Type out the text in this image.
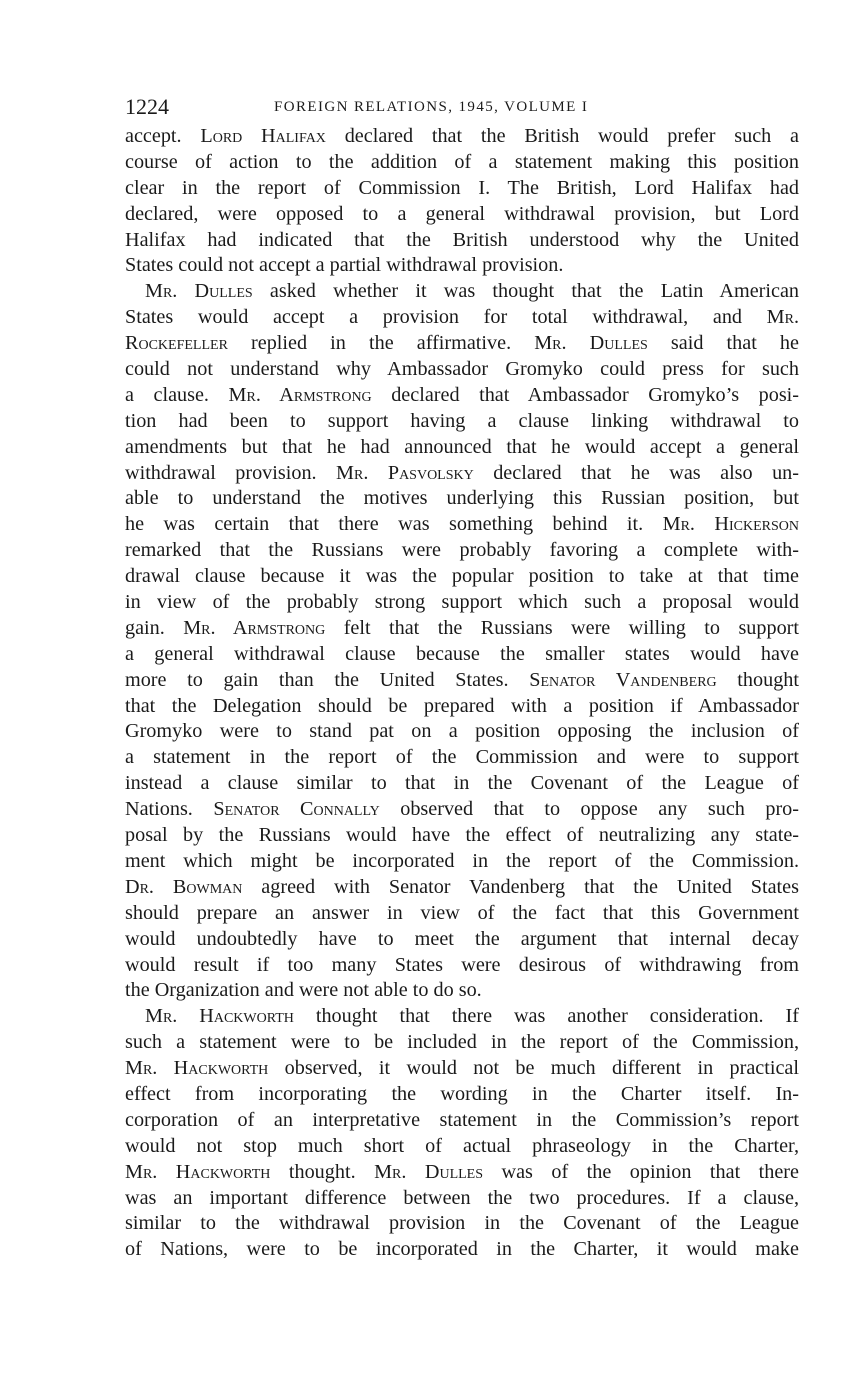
1224	FOREIGN RELATIONS, 1945, VOLUME I

accept. Lord Halifax declared that the British would prefer such a
course of action to the addition of a statement making this position
clear in the report of Commission I. The British, Lord Halifax had
declared, were opposed to a general withdrawal provision, but Lord
Halifax had indicated that the British understood why the United
States could not accept a partial withdrawal provision.

Mr. Dulles asked whether it was thought that the Latin American
States would accept a provision for total withdrawal, and Mr.
Rockefeller replied in the affirmative. Mr. Dulles said that he
could not understand why Ambassador Gromyko could press for such
a clause. Mr. Armstrong declared that Ambassador Gromyko’s posi-
tion had been to support having a clause linking withdrawal to
amendments but that he had announced that he would accept a general
withdrawal provision. Mr. Pasvolsky declared that he was also un-
able to understand the motives underlying this Russian position, but
he was certain that there was something behind it. Mr. Hickerson
remarked that the Russians were probably favoring a complete with-
drawal clause because it was the popular position to take at that time
in view of the probably strong support which such a proposal would
gain. Mr. Armstrong felt that the Russians were willing to support
a general withdrawal clause because the smaller states would have
more to gain than the United States. Senator Vandenberg thought
that the Delegation should be prepared with a position if Ambassador
Gromyko were to stand pat on a position opposing the inclusion of
a statement in the report of the Commission and were to support
instead a clause similar to that in the Covenant of the League of
Nations. Senator Connally observed that to oppose any such pro-
posal by the Russians would have the effect of neutralizing any state-
ment which might be incorporated in the report of the Commission.
Dr. Bowman agreed with Senator Vandenberg that the United States
should prepare an answer in view of the fact that this Government
would undoubtedly have to meet the argument that internal decay
would result if too many States were desirous of withdrawing from
the Organization and were not able to do so.

Mr. Hackworth thought that there was another consideration. If
such a statement were to be included in the report of the Commission,
Mr. Hackworth observed, it would not be much different in practical
effect from incorporating the wording in the Charter itself. In-
corporation of an interpretative statement in the Commission’s report
would not stop much short of actual phraseology in the Charter,
Mr. Hackworth thought. Mr. Dulles was of the opinion that there
was an important difference between the two procedures. If a clause,
similar to the withdrawal provision in the Covenant of the League
of Nations, were to be incorporated in the Charter, it would make
